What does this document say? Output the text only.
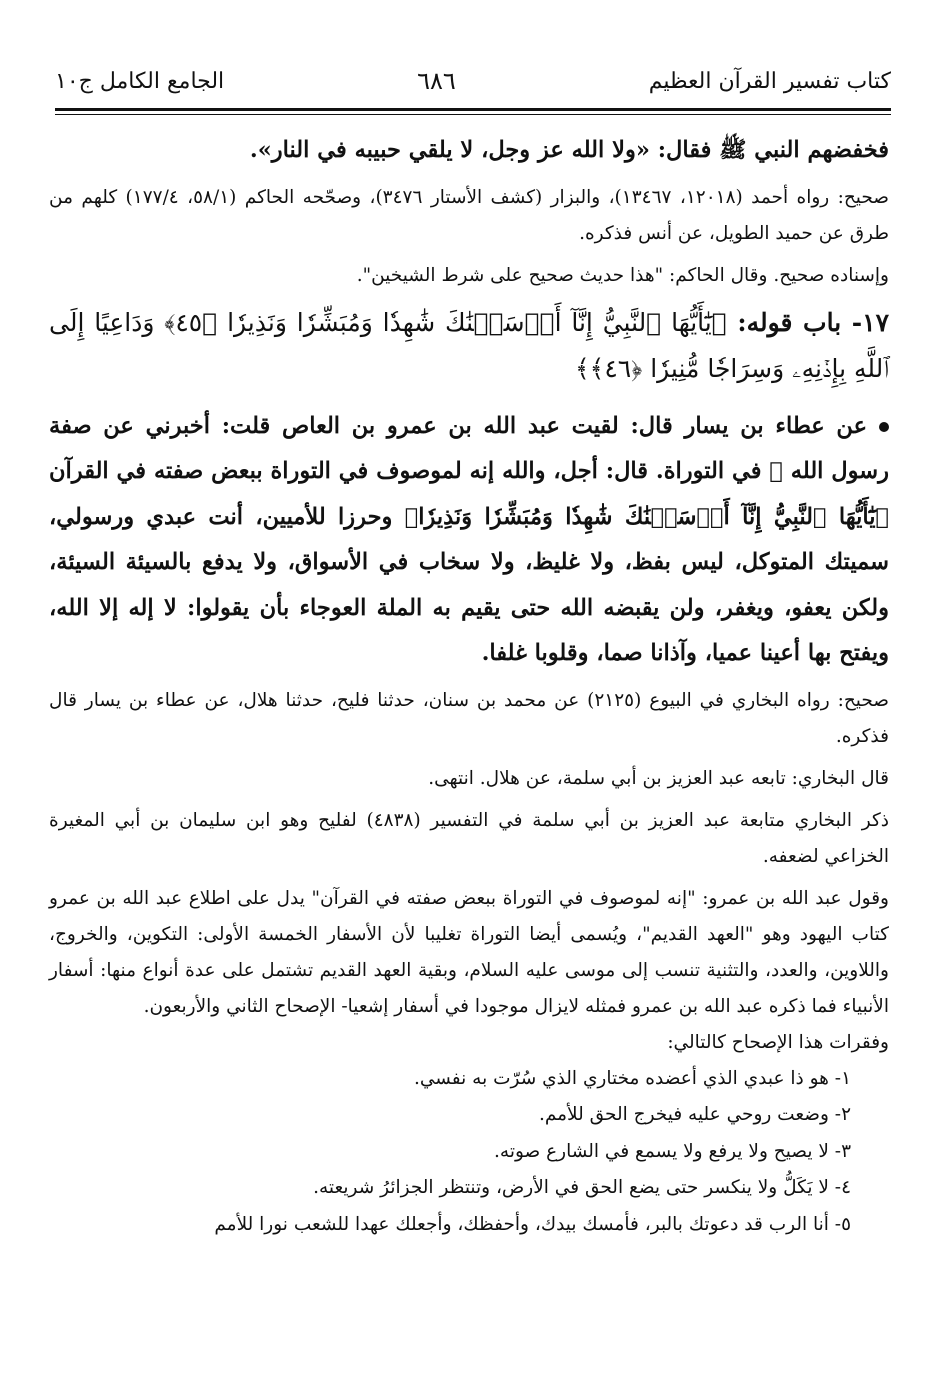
كتاب تفسير القرآن العظيم
٦٨٦
الجامع الكامل ج١٠

فخفضهم النبي ﷺ فقال: «ولا الله عز وجل، لا يلقي حبيبه في النار».

صحيح: رواه أحمد (١٢٠١٨، ١٣٤٦٧)، والبزار (كشف الأستار ٣٤٧٦)، وصحّحه الحاكم (٥٨/١، ١٧٧/٤) كلهم من طرق عن حميد الطويل، عن أنس فذكره.

وإسناده صحيح. وقال الحاكم: "هذا حديث صحيح على شرط الشيخين".

١٧- باب قوله: ﴿يَٰٓأَيُّهَا ٱلنَّبِيُّ إِنَّآ أَرۡسَلۡنَٰكَ شَٰهِدٗا وَمُبَشِّرٗا وَنَذِيرٗا ﴿٤٥﴾ وَدَاعِيًا إِلَى ٱللَّهِ بِإِذۡنِهِۦ وَسِرَاجٗا مُّنِيرٗا ﴿٤٦﴾﴾

عن عطاء بن يسار قال: لقيت عبد الله بن عمرو بن العاص قلت: أخبرني عن صفة رسول الله ﷺ في التوراة. قال: أجل، والله إنه لموصوف في التوراة ببعض صفته في القرآن ﴿يَٰٓأَيُّهَا ٱلنَّبِيُّ إِنَّآ أَرۡسَلۡنَٰكَ شَٰهِدٗا وَمُبَشِّرٗا وَنَذِيرٗا﴾ وحرزا للأميين، أنت عبدي ورسولي، سميتك المتوكل، ليس بفظ، ولا غليظ، ولا سخاب في الأسواق، ولا يدفع بالسيئة السيئة، ولكن يعفو، ويغفر، ولن يقبضه الله حتى يقيم به الملة العوجاء بأن يقولوا: لا إله إلا الله، ويفتح بها أعينا عميا، وآذانا صما، وقلوبا غلفا.

صحيح: رواه البخاري في البيوع (٢١٢٥) عن محمد بن سنان، حدثنا فليح، حدثنا هلال، عن عطاء بن يسار قال فذكره.

قال البخاري: تابعه عبد العزيز بن أبي سلمة، عن هلال. انتهى.

ذكر البخاري متابعة عبد العزيز بن أبي سلمة في التفسير (٤٨٣٨) لفليح وهو ابن سليمان بن أبي المغيرة الخزاعي لضعفه.

وقول عبد الله بن عمرو: "إنه لموصوف في التوراة ببعض صفته في القرآن" يدل على اطلاع عبد الله بن عمرو كتاب اليهود وهو "العهد القديم"، ويُسمى أيضا التوراة تغليبا لأن الأسفار الخمسة الأولى: التكوين، والخروج، واللاوين، والعدد، والتثنية تنسب إلى موسى عليه السلام، وبقية العهد القديم تشتمل على عدة أنواع منها: أسفار الأنبياء فما ذكره عبد الله بن عمرو فمثله لايزال موجودا في أسفار إشعيا- الإصحاح الثاني والأربعون.

وفقرات هذا الإصحاح كالتالي:

١- هو ذا عبدي الذي أعضده مختاري الذي سُرّت به نفسي.

٢- وضعت روحي عليه فيخرج الحق للأمم.

٣- لا يصيح ولا يرفع ولا يسمع في الشارع صوته.

٤- لا يَكَلُّ ولا ينكسر حتى يضع الحق في الأرض، وتنتظر الجزائرُ شريعته.

٥- أنا الرب قد دعوتك بالبر، فأمسك بيدك، وأحفظك، وأجعلك عهدا للشعب نورا للأمم
